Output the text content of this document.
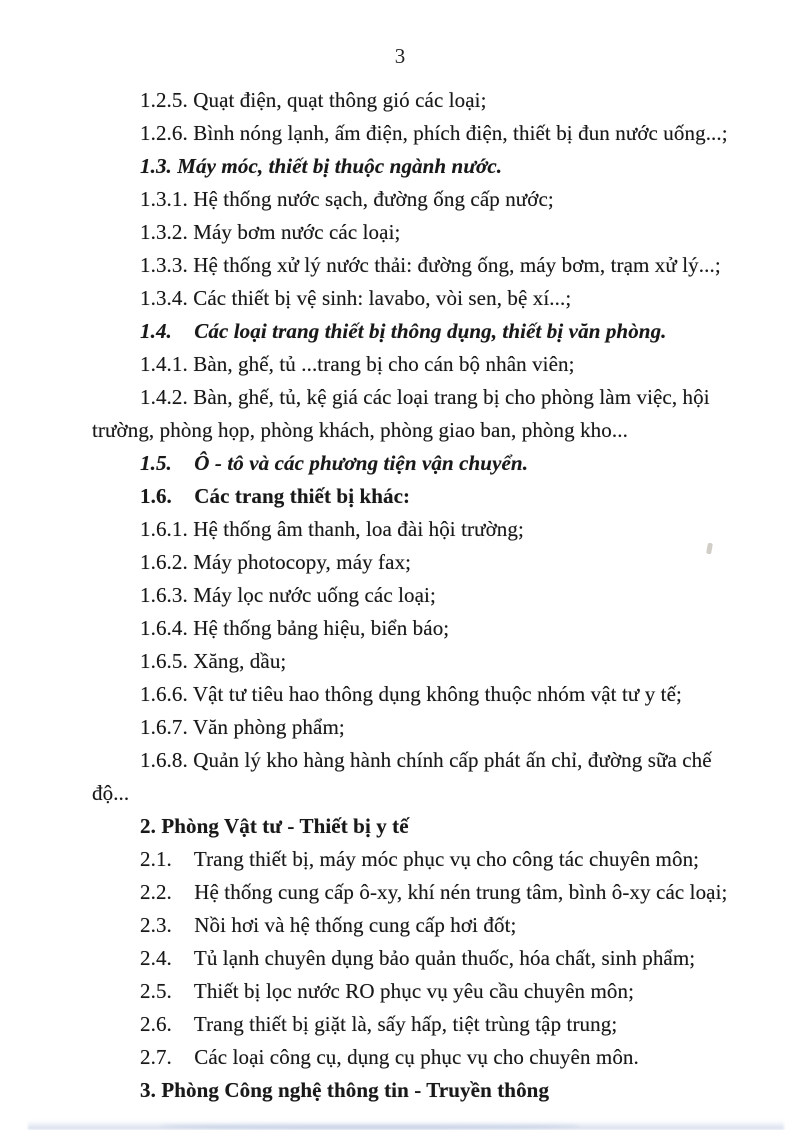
3

1.2.5. Quạt điện, quạt thông gió các loại;

1.2.6. Bình nóng lạnh, ấm điện, phích điện, thiết bị đun nước uống...;

1.3. Máy móc, thiết bị thuộc ngành nước.

1.3.1. Hệ thống nước sạch, đường ống cấp nước;

1.3.2. Máy bơm nước các loại;

1.3.3. Hệ thống xử lý nước thải: đường ống, máy bơm, trạm xử lý...;

1.3.4. Các thiết bị vệ sinh: lavabo, vòi sen, bệ xí...;

1.4. Các loại trang thiết bị thông dụng, thiết bị văn phòng.

1.4.1. Bàn, ghế, tủ ...trang bị cho cán bộ nhân viên;

1.4.2. Bàn, ghế, tủ, kệ giá các loại trang bị cho phòng làm việc, hội trường, phòng họp, phòng khách, phòng giao ban, phòng kho...

1.5. Ô - tô và các phương tiện vận chuyển.

1.6. Các trang thiết bị khác:

1.6.1. Hệ thống âm thanh, loa đài hội trường;

1.6.2. Máy photocopy, máy fax;

1.6.3. Máy lọc nước uống các loại;

1.6.4. Hệ thống bảng hiệu, biển báo;

1.6.5. Xăng, dầu;

1.6.6. Vật tư tiêu hao thông dụng không thuộc nhóm vật tư y tế;

1.6.7. Văn phòng phẩm;

1.6.8. Quản lý kho hàng hành chính cấp phát ấn chỉ, đường sữa chế độ...

2. Phòng Vật tư - Thiết bị y tế

2.1. Trang thiết bị, máy móc phục vụ cho công tác chuyên môn;

2.2. Hệ thống cung cấp ô-xy, khí nén trung tâm, bình ô-xy các loại;

2.3. Nồi hơi và hệ thống cung cấp hơi đốt;

2.4. Tủ lạnh chuyên dụng bảo quản thuốc, hóa chất, sinh phẩm;

2.5. Thiết bị lọc nước RO phục vụ yêu cầu chuyên môn;

2.6. Trang thiết bị giặt là, sấy hấp, tiệt trùng tập trung;

2.7. Các loại công cụ, dụng cụ phục vụ cho chuyên môn.

3. Phòng Công nghệ thông tin - Truyền thông
